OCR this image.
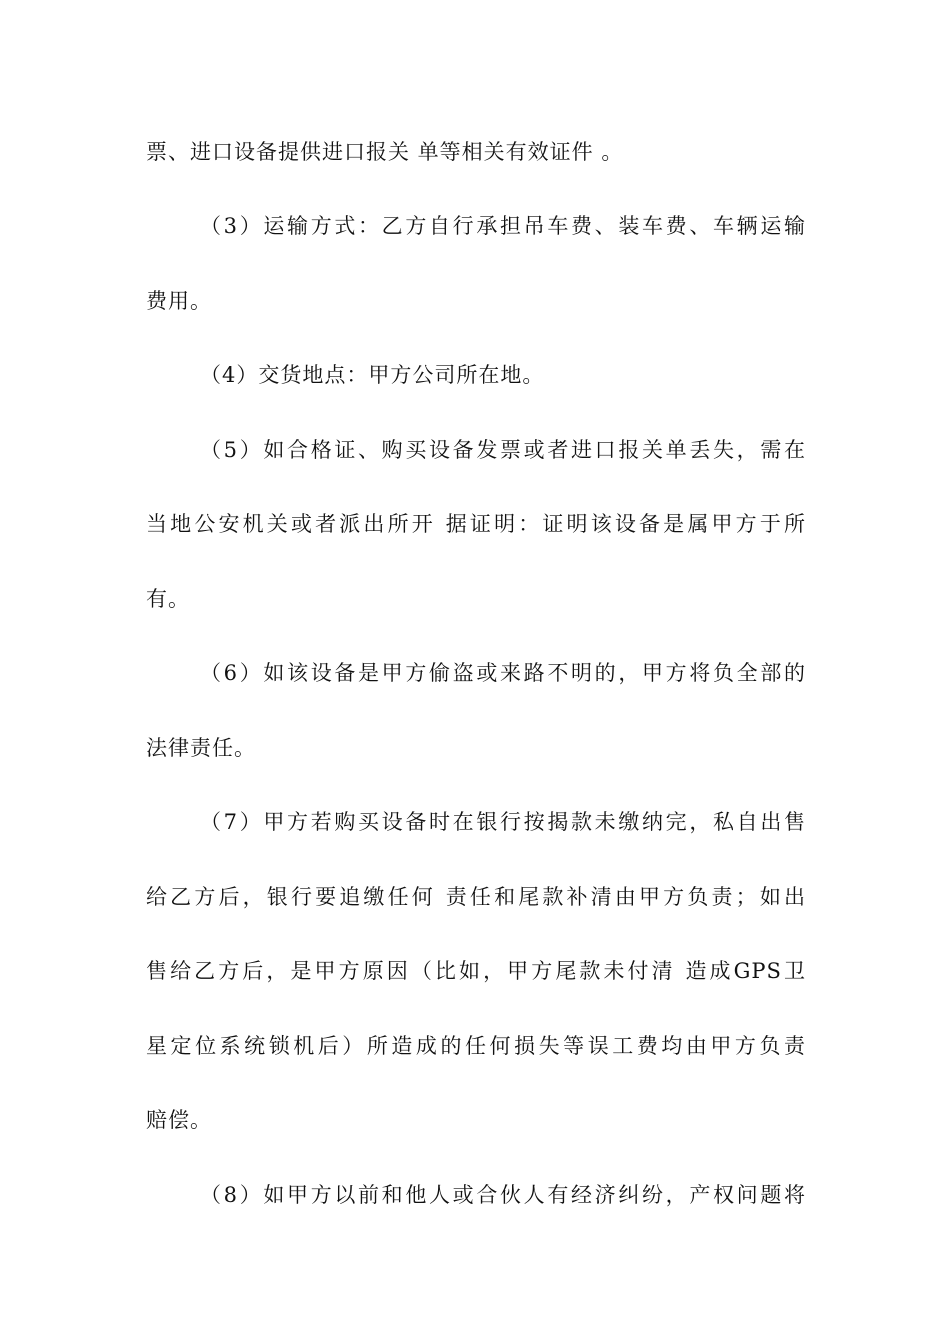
票、进口设备提供进口报关 单等相关有效证件 。
（3）运输方式：乙方自行承担吊车费、装车费、车辆运输
费用。
（4）交货地点：甲方公司所在地。
（5）如合格证、购买设备发票或者进口报关单丢失，需在
当地公安机关或者派出所开 据证明：证明该设备是属甲方于所
有。
（6）如该设备是甲方偷盗或来路不明的，甲方将负全部的
法律责任。
（7）甲方若购买设备时在银行按揭款未缴纳完，私自出售
给乙方后，银行要追缴任何 责任和尾款补清由甲方负责；如出
售给乙方后，是甲方原因（比如，甲方尾款未付清 造成GPS卫
星定位系统锁机后）所造成的任何损失等误工费均由甲方负责
赔偿。
（8）如甲方以前和他人或合伙人有经济纠纷，产权问题将
